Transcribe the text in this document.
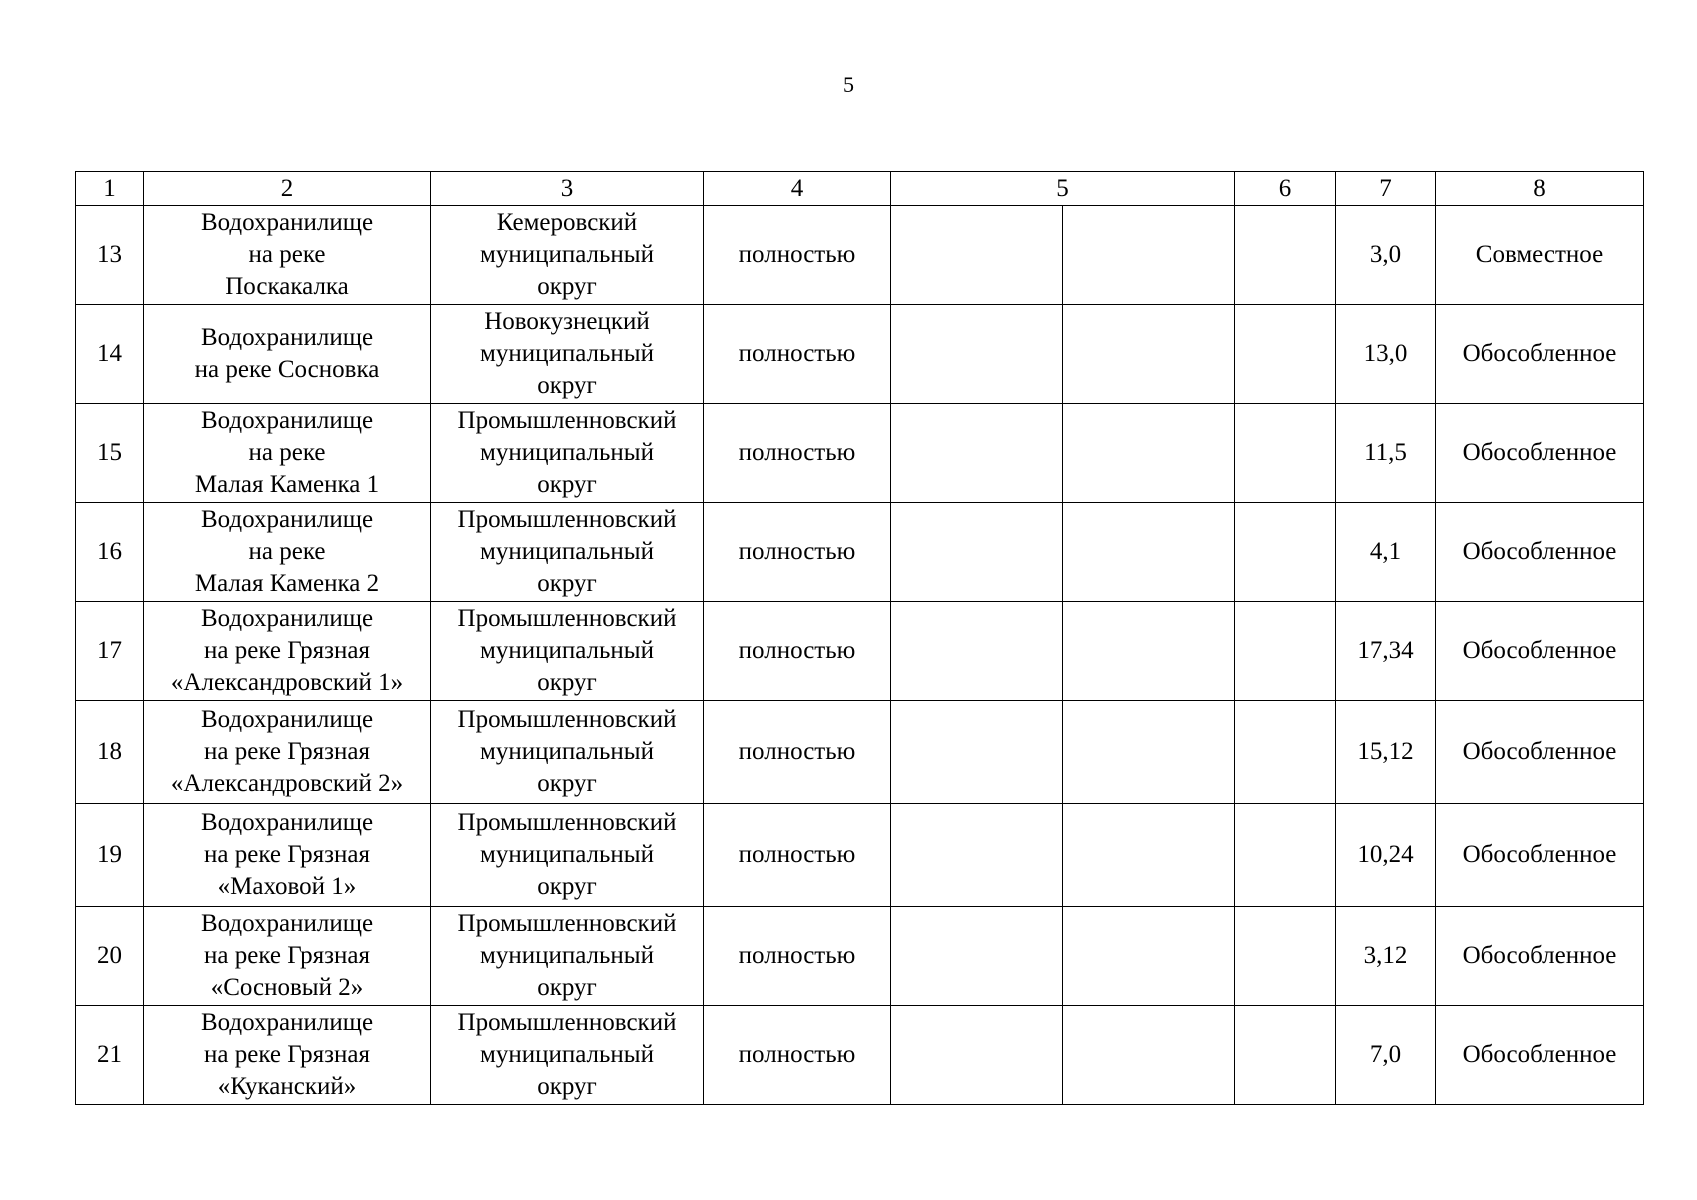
5
1	2	3	4	5		6	7	8
13	Водохранилище
на реке
Поскакалка	Кемеровский
муниципальный
округ	полностью				3,0	Совместное
14	Водохранилище
на реке Сосновка	Новокузнецкий
муниципальный
округ	полностью				13,0	Обособленное
15	Водохранилище
на реке
Малая Каменка 1	Промышленновский
муниципальный
округ	полностью				11,5	Обособленное
16	Водохранилище
на реке
Малая Каменка 2	Промышленновский
муниципальный
округ	полностью				4,1	Обособленное
17	Водохранилище
на реке Грязная
«Александровский 1»	Промышленновский
муниципальный
округ	полностью				17,34	Обособленное
18	Водохранилище
на реке Грязная
«Александровский 2»	Промышленновский
муниципальный
округ	полностью				15,12	Обособленное
19	Водохранилище
на реке Грязная
«Маховой 1»	Промышленновский
муниципальный
округ	полностью				10,24	Обособленное
20	Водохранилище
на реке Грязная
«Сосновый 2»	Промышленновский
муниципальный
округ	полностью				3,12	Обособленное
21	Водохранилище
на реке Грязная
«Куканский»	Промышленновский
муниципальный
округ	полностью				7,0	Обособленное
